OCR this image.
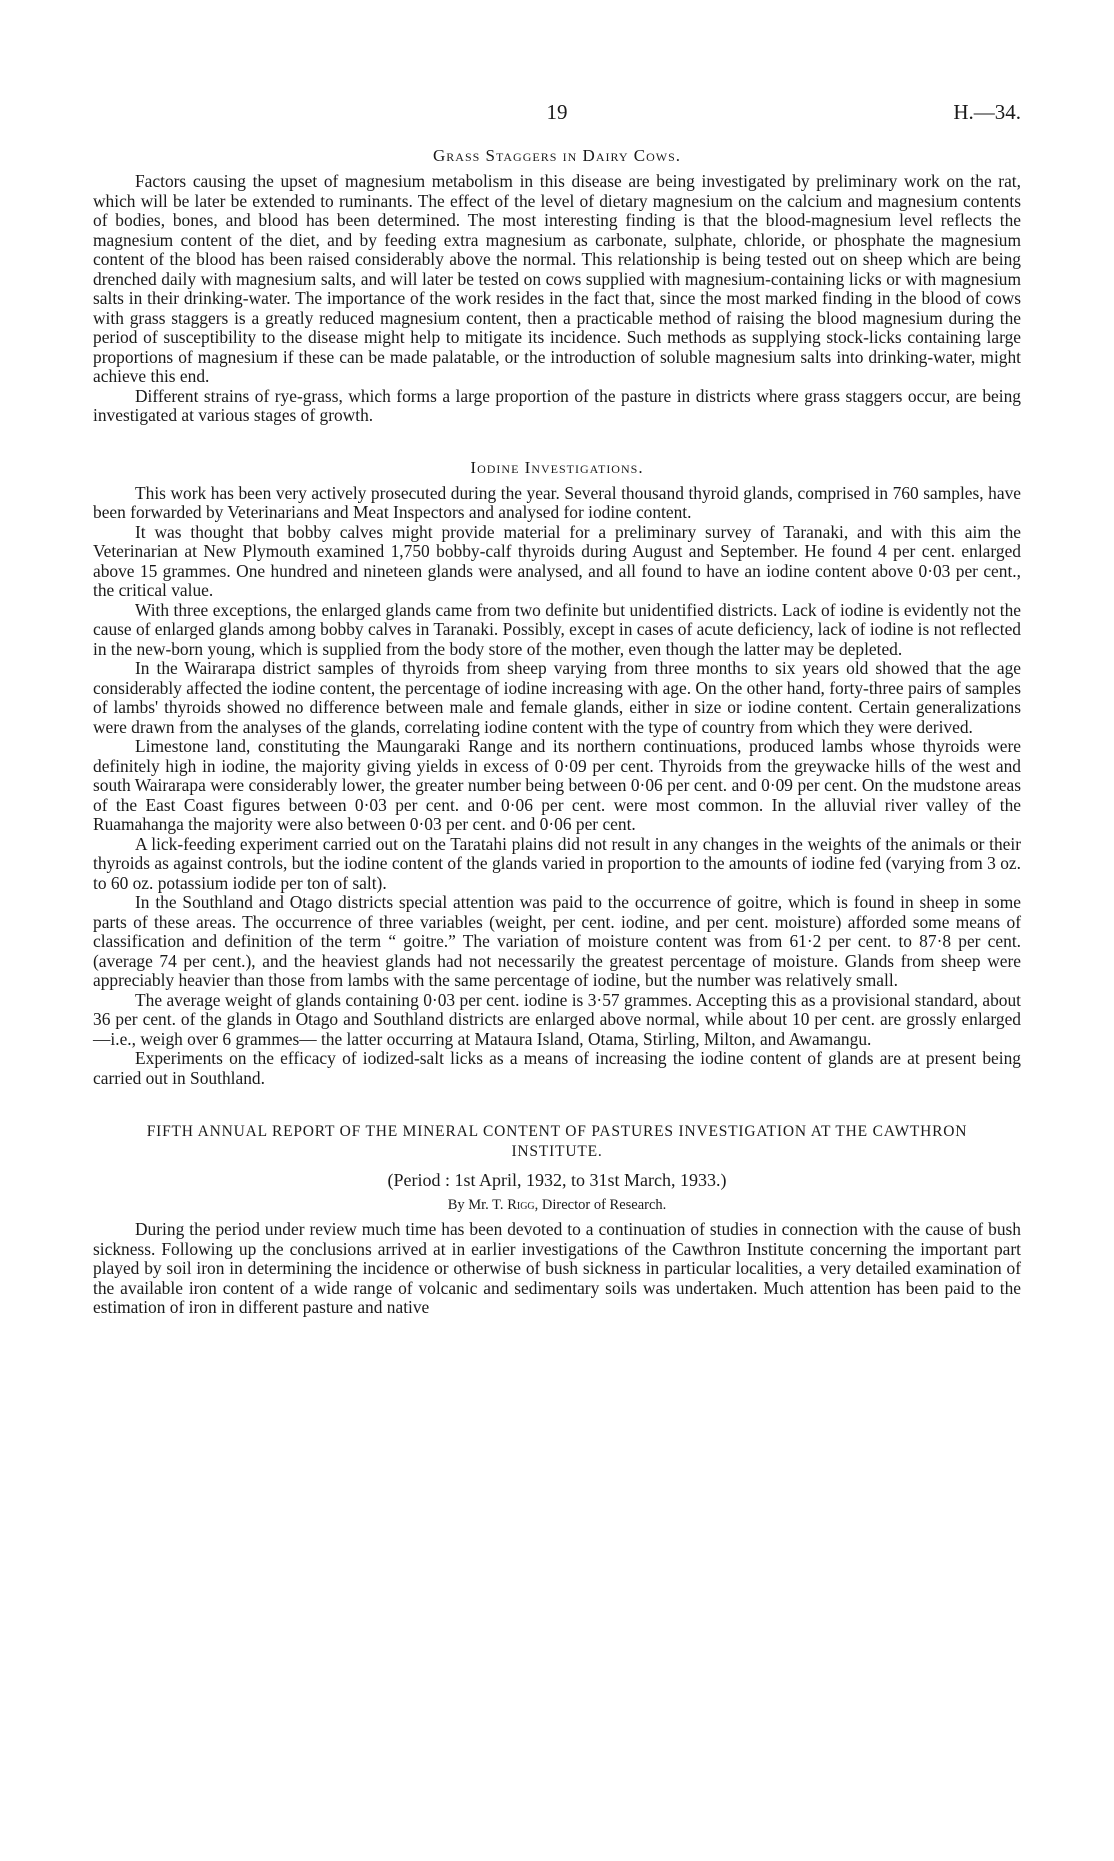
19	H.—34.
Grass Staggers in Dairy Cows.

Factors causing the upset of magnesium metabolism in this disease are being investigated by preliminary work on the rat, which will be later be extended to ruminants. The effect of the level of dietary magnesium on the calcium and magnesium contents of bodies, bones, and blood has been determined. The most interesting finding is that the blood-magnesium level reflects the magnesium content of the diet, and by feeding extra magnesium as carbonate, sulphate, chloride, or phosphate the magnesium content of the blood has been raised considerably above the normal. This relationship is being tested out on sheep which are being drenched daily with magnesium salts, and will later be tested on cows supplied with magnesium-containing licks or with magnesium salts in their drinking-water. The importance of the work resides in the fact that, since the most marked finding in the blood of cows with grass staggers is a greatly reduced magnesium content, then a practicable method of raising the blood magnesium during the period of susceptibility to the disease might help to mitigate its incidence. Such methods as supplying stock-licks containing large proportions of magnesium if these can be made palatable, or the introduction of soluble magnesium salts into drinking-water, might achieve this end.

Different strains of rye-grass, which forms a large proportion of the pasture in districts where grass staggers occur, are being investigated at various stages of growth.

Iodine Investigations.

This work has been very actively prosecuted during the year. Several thousand thyroid glands, comprised in 760 samples, have been forwarded by Veterinarians and Meat Inspectors and analysed for iodine content.

It was thought that bobby calves might provide material for a preliminary survey of Taranaki, and with this aim the Veterinarian at New Plymouth examined 1,750 bobby-calf thyroids during August and September. He found 4 per cent. enlarged above 15 grammes. One hundred and nineteen glands were analysed, and all found to have an iodine content above 0·03 per cent., the critical value.

With three exceptions, the enlarged glands came from two definite but unidentified districts. Lack of iodine is evidently not the cause of enlarged glands among bobby calves in Taranaki. Possibly, except in cases of acute deficiency, lack of iodine is not reflected in the new-born young, which is supplied from the body store of the mother, even though the latter may be depleted.

In the Wairarapa district samples of thyroids from sheep varying from three months to six years old showed that the age considerably affected the iodine content, the percentage of iodine increasing with age. On the other hand, forty-three pairs of samples of lambs' thyroids showed no difference between male and female glands, either in size or iodine content. Certain generalizations were drawn from the analyses of the glands, correlating iodine content with the type of country from which they were derived.

Limestone land, constituting the Maungaraki Range and its northern continuations, produced lambs whose thyroids were definitely high in iodine, the majority giving yields in excess of 0·09 per cent. Thyroids from the greywacke hills of the west and south Wairarapa were considerably lower, the greater number being between 0·06 per cent. and 0·09 per cent. On the mudstone areas of the East Coast figures between 0·03 per cent. and 0·06 per cent. were most common. In the alluvial river valley of the Ruamahanga the majority were also between 0·03 per cent. and 0·06 per cent.

A lick-feeding experiment carried out on the Taratahi plains did not result in any changes in the weights of the animals or their thyroids as against controls, but the iodine content of the glands varied in proportion to the amounts of iodine fed (varying from 3 oz. to 60 oz. potassium iodide per ton of salt).

In the Southland and Otago districts special attention was paid to the occurrence of goitre, which is found in sheep in some parts of these areas. The occurrence of three variables (weight, per cent. iodine, and per cent. moisture) afforded some means of classification and definition of the term “ goitre.” The variation of moisture content was from 61·2 per cent. to 87·8 per cent. (average 74 per cent.), and the heaviest glands had not necessarily the greatest percentage of moisture. Glands from sheep were appreciably heavier than those from lambs with the same percentage of iodine, but the number was relatively small.

The average weight of glands containing 0·03 per cent. iodine is 3·57 grammes. Accepting this as a provisional standard, about 36 per cent. of the glands in Otago and Southland districts are enlarged above normal, while about 10 per cent. are grossly enlarged—i.e., weigh over 6 grammes— the latter occurring at Mataura Island, Otama, Stirling, Milton, and Awamangu.

Experiments on the efficacy of iodized-salt licks as a means of increasing the iodine content of glands are at present being carried out in Southland.

FIFTH ANNUAL REPORT OF THE MINERAL CONTENT OF PASTURES INVESTIGATION AT THE CAWTHRON INSTITUTE.
(Period : 1st April, 1932, to 31st March, 1933.)
By Mr. T. Rigg, Director of Research.

During the period under review much time has been devoted to a continuation of studies in connection with the cause of bush sickness. Following up the conclusions arrived at in earlier investigations of the Cawthron Institute concerning the important part played by soil iron in determining the incidence or otherwise of bush sickness in particular localities, a very detailed examination of the available iron content of a wide range of volcanic and sedimentary soils was undertaken. Much attention has been paid to the estimation of iron in different pasture and native
